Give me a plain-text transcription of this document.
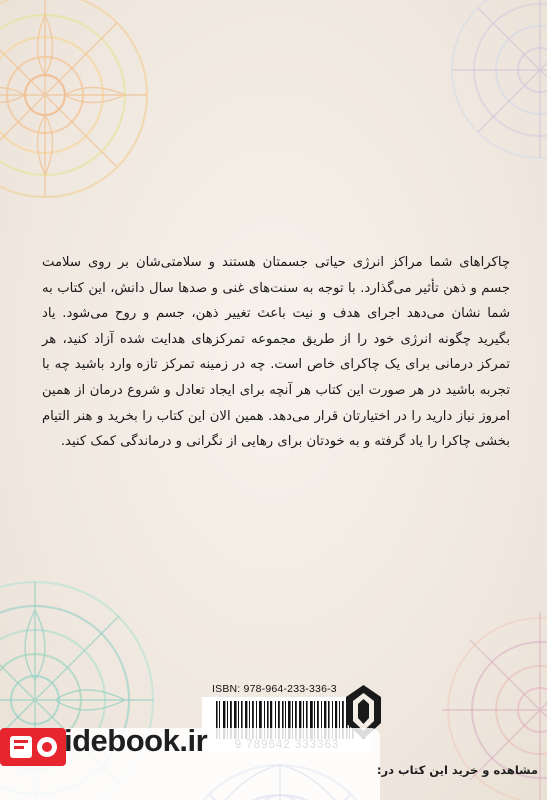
چاکراهای شما مراکز انرژی حیاتی جسمتان هستند و سلامتی‌شان بر روی سلامت جسم و ذهن تأثیر می‌گذارد. با توجه به سنت‌های غنی و صدها سال دانش، این کتاب به شما نشان می‌دهد اجرای هدف و نیت باعث تغییر ذهن، جسم و روح می‌شود. یاد بگیرید چگونه انرژی خود را از طریق مجموعه تمرکزهای هدایت شده آزاد کنید، هر تمرکز درمانی برای یک چاکرای خاص است. چه در زمینه تمرکز تازه وارد باشید چه با تجربه باشید در هر صورت این کتاب هر آنچه برای ایجاد تعادل و شروع درمان از همین امروز نیاز دارید را در اختیارتان قرار می‌دهد. همین الان این کتاب را بخرید و هنر التیام بخشی چاکرا را یاد گرفته و به خودتان برای رهایی از نگرانی و درماندگی کمک کنید.
ISBN: 978-964-233-336-3
idebook.ir
مشاهده و خرید این کتاب در:
